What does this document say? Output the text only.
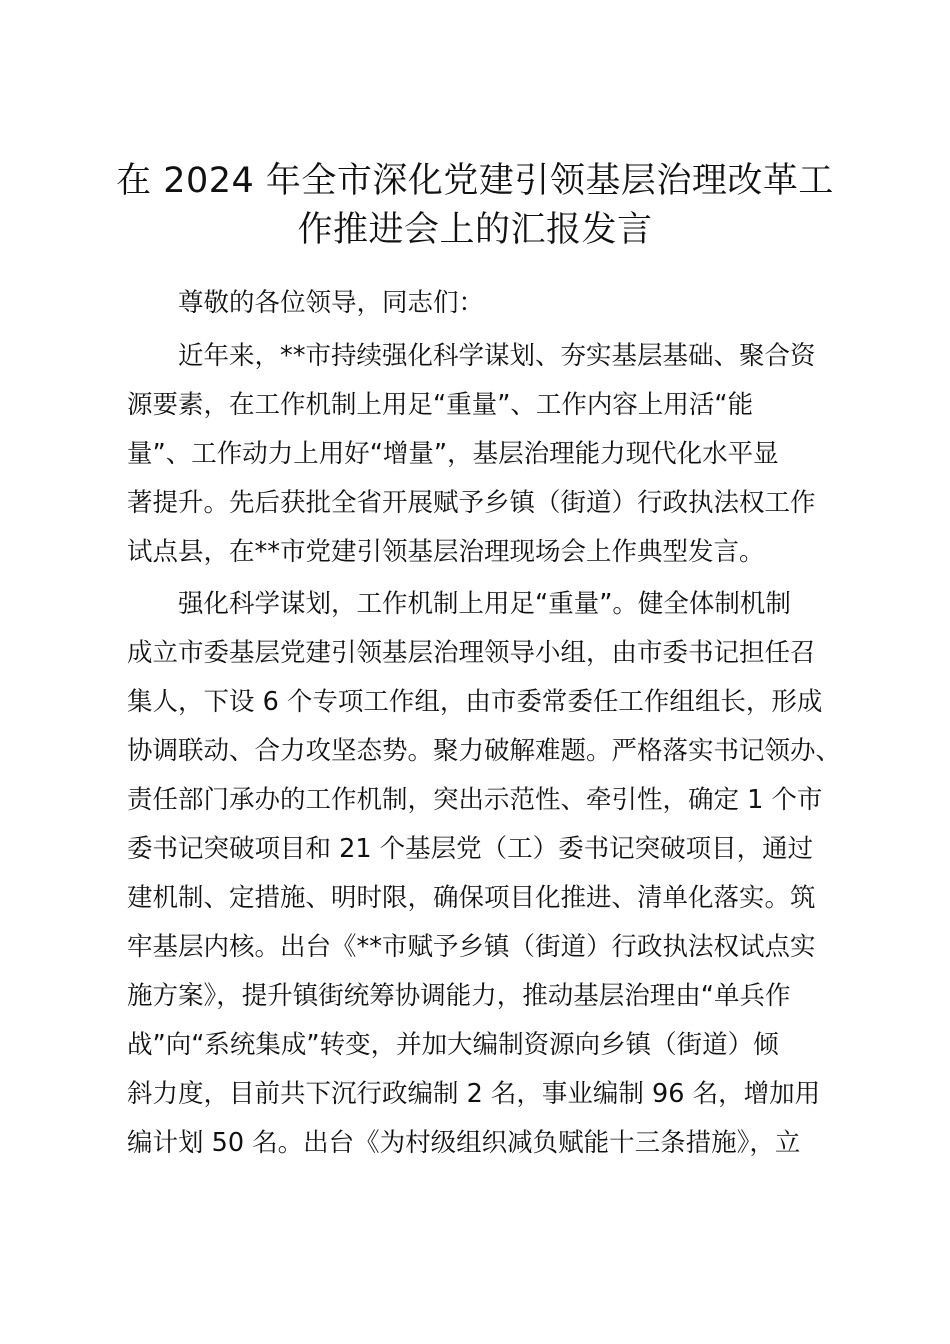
在 2024 年全市深化党建引领基层治理改革工
作推进会上的汇报发言

　　尊敬的各位领导，同志们：

　　近年来，**市持续强化科学谋划、夯实基层基础、聚合资

源要素，在工作机制上用足“重量”、工作内容上用活“能

量”、工作动力上用好“增量”，基层治理能力现代化水平显

著提升。先后获批全省开展赋予乡镇（街道）行政执法权工作

试点县，在**市党建引领基层治理现场会上作典型发言。

　　强化科学谋划，工作机制上用足“重量”。健全体制机制

成立市委基层党建引领基层治理领导小组，由市委书记担任召

集人，下设 6 个专项工作组，由市委常委任工作组组长，形成

协调联动、合力攻坚态势。聚力破解难题。严格落实书记领办、

责任部门承办的工作机制，突出示范性、牵引性，确定 1 个市

委书记突破项目和 21 个基层党（工）委书记突破项目，通过

建机制、定措施、明时限，确保项目化推进、清单化落实。筑

牢基层内核。出台《**市赋予乡镇（街道）行政执法权试点实

施方案》，提升镇街统筹协调能力，推动基层治理由“单兵作

战”向“系统集成”转变，并加大编制资源向乡镇（街道）倾

斜力度，目前共下沉行政编制 2 名，事业编制 96 名，增加用

编计划 50 名。出台《为村级组织减负赋能十三条措施》，立
